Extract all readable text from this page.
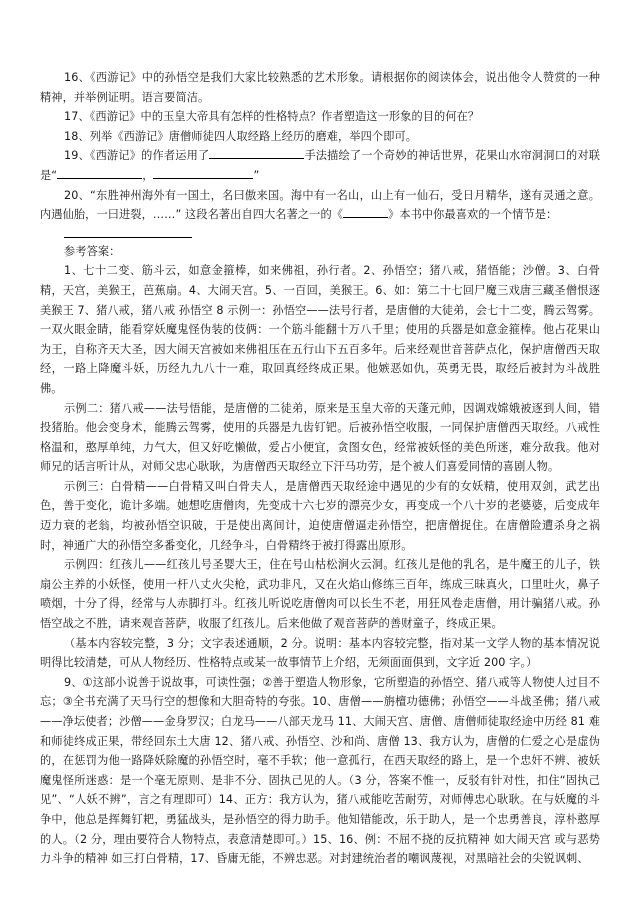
16、《西游记》中的孙悟空是我们大家比较熟悉的艺术形象。请根据你的阅读体会，说出他令人赞赏的一种精神，并举例证明。语言要简洁。

17、《西游记》中的玉皇大帝具有怎样的性格特点？作者塑造这一形象的目的何在？

18、列举《西游记》唐僧师徒四人取经路上经历的磨难，举四个即可。

19、《西游记》的作者运用了	手法描绘了一个奇妙的神话世界，花果山水帘洞洞口的对联是“	，	”

20、“东胜神州海外有一国土，名曰傲来国。海中有一名山，山上有一仙石，受日月精华，遂有灵通之意。内遇仙胎，一曰进裂，……” 这段名著出自四大名著之一的《	》本书中你最喜欢的一个情节是：

参考答案：

1、七十二变、筋斗云，如意金箍棒，如来佛祖，孙行者。2、孙悟空；猪八戒，猪悟能；沙僧。3、白骨精，天宫，美猴王，芭蕉扇。4、大闹天宫。5、一百回，美猴王。6、如：第二十七回尸魔三戏唐三藏圣僧恨逐美猴王 7、猪八戒，猪八戒 孙悟空 8 示例一：孙悟空——法号行者，是唐僧的大徒弟，会七十二变，腾云驾雾。一双火眼金睛，能看穿妖魔鬼怪伪装的伎俩：一个筋斗能翻十万八千里；使用的兵器是如意金箍棒。他占花果山为王，自称齐天大圣，因大闹天宫被如来佛祖压在五行山下五百多年。后来经观世音菩萨点化，保护唐僧西天取经，一路上降魔斗妖，历经九九八十一难，取回真经终成正果。他嫉恶如仇，英勇无畏，取经后被封为斗战胜佛。

示例二：猪八戒——法号悟能，是唐僧的二徒弟，原来是玉皇大帝的天蓬元帅，因调戏嫦娥被逐到人间，错投猪胎。他会变身术，能腾云驾雾，使用的兵器是九齿钉钯。后被孙悟空收服，一同保护唐僧西天取经。八戒性格温和，憨厚单纯，力气大，但又好吃懒做，爱占小便宜，贪图女色，经常被妖怪的美色所迷，难分敌我。他对师兄的话言听计从，对师父忠心耿耿，为唐僧西天取经立下汗马功劳，是个被人们喜爱同情的喜剧人物。

示例三：白骨精——白骨精又叫白骨夫人，是唐僧西天取经途中遇见的少有的女妖精，使用双剑，武艺出色，善于变化，诡计多端。她想吃唐僧肉，先变成十六七岁的漂亮少女，再变成一个八十岁的老婆婆，后变成年迈力衰的老翁，均被孙悟空识破，于是使出离间计，迫使唐僧逼走孙悟空，把唐僧捉住。在唐僧险遭杀身之祸时，神通广大的孙悟空多番变化，几经争斗，白骨精终于被打得露出原形。

示例四：红孩儿——红孩儿号圣婴大王，住在号山枯松涧火云洞。红孩儿是他的乳名，是牛魔王的儿子，铁扇公主养的小妖怪，使用一杆八丈火尖枪，武功非凡，又在火焰山修练三百年，练成三昧真火，口里吐火，鼻子喷烟，十分了得，经常与人赤脚打斗。红孩儿听说吃唐僧肉可以长生不老，用狂风卷走唐僧，用计骗猪八戒。孙悟空战之不胜，请来观音菩萨，收服了红孩儿。后来他做了观音菩萨的善财童子，终成正果。

（基本内容较完整，3 分；文字表述通顺，2 分。说明：基本内容较完整，指对某一文学人物的基本情况说明得比较清楚，可从人物经历、性格特点或某一故事情节上介绍，无须面面俱到，文字近 200 字。）

9、①这部小说善于说故事，可读性强；②善于塑造人物形象，它所塑造的孙悟空、猪八戒等人物使人过目不忘；③全书充满了天马行空的想像和大胆奇特的夸张。10、唐僧——旃檀功德佛；孙悟空——斗战圣佛；猪八戒——净坛使者；沙僧——金身罗汉；白龙马——八部天龙马 11、大闹天宫、唐僧、唐僧师徒取经途中历经 81 难和师徒终成正果，带经回东土大唐 12、猪八戒、孙悟空、沙和尚、唐僧 13、我方认为，唐僧的仁爱之心是虚伪的，在惩罚为他一路降妖除魔的孙悟空时，毫不手软；他一意孤行，在西天取经的路上，是一个忠奸不辨、被妖魔鬼怪所迷惑：是一个毫无原则、是非不分、固执己见的人。（3 分，答案不惟一，反驳有针对性，扣住“固执己见”、“人妖不辨”，言之有理即可）14、正方：我方认为，猪八戒能吃苦耐劳，对师傅忠心耿耿。在与妖魔的斗争中，他总是挥舞钉耙，勇猛战头，是孙悟空的得力助手。他知错能改，乐于助人，是一个忠勇善良，淳朴憨厚的人。（2 分，理由要符合人物特点，表意清楚即可。）15、16、例：不屈不挠的反抗精神 如大闹天宫 或与恶势力斗争的精神 如三打白骨精，17、昏庸无能，不辨忠恶。对封建统治者的嘲讽蔑视，对黑暗社会的尖锐讽刺、
